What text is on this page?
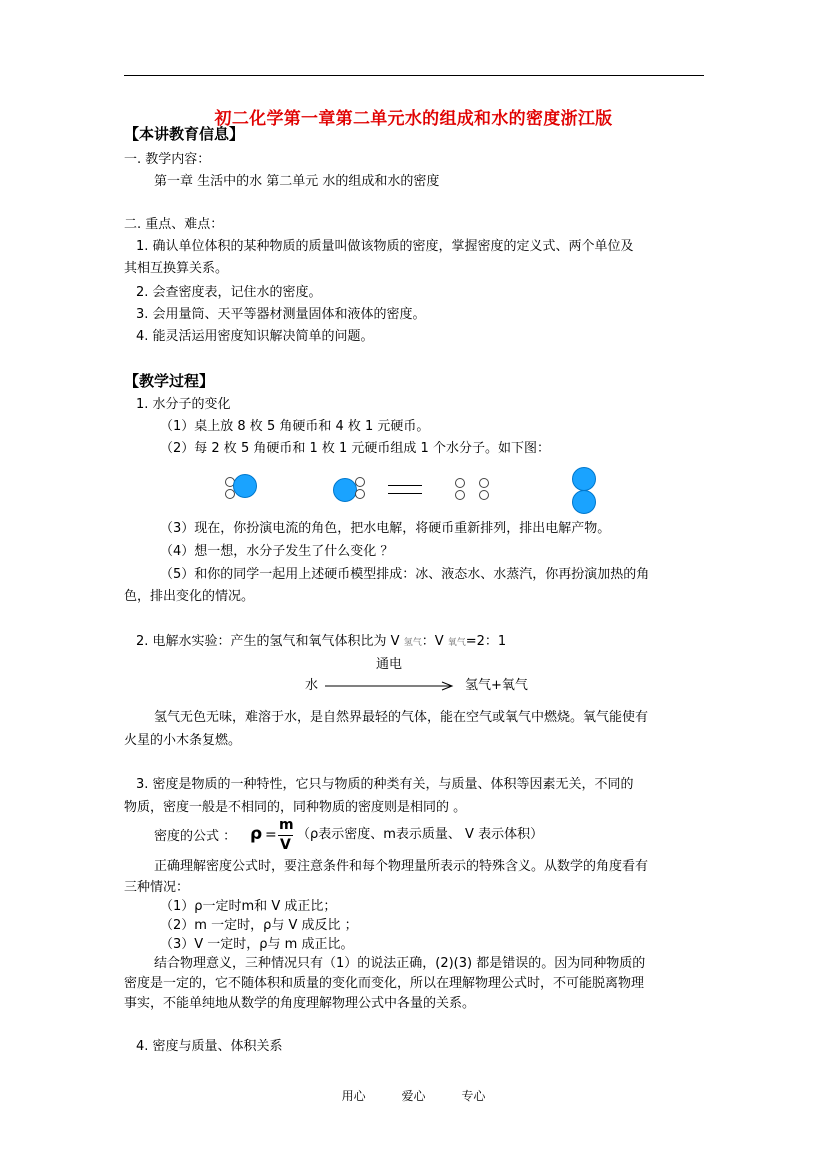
初二化学第一章第二单元水的组成和水的密度浙江版
【本讲教育信息】
一. 教学内容：
第一章 生活中的水 第二单元 水的组成和水的密度
二. 重点、难点：
1. 确认单位体积的某种物质的质量叫做该物质的密度，掌握密度的定义式、两个单位及
其相互换算关系。
2. 会查密度表，记住水的密度。
3. 会用量筒、天平等器材测量固体和液体的密度。
4. 能灵活运用密度知识解决简单的问题。
【教学过程】
1. 水分子的变化
（1）桌上放 8 枚 5 角硬币和 4 枚 1 元硬币。
（2）每 2 枚 5 角硬币和 1 枚 1 元硬币组成 1 个水分子。如下图：
（3）现在，你扮演电流的角色，把水电解，将硬币重新排列，排出电解产物。
（4）想一想，水分子发生了什么变化 ？
（5）和你的同学一起用上述硬币模型排成：冰、液态水、水蒸汽，你再扮演加热的角
色，排出变化的情况。
2. 电解水实验：产生的氢气和氧气体积比为 V 氢气：V 氧气=2：1
通电
水	氢气+氧气
氢气无色无味，难溶于水，是自然界最轻的气体，能在空气或氧气中燃烧。氧气能使有
火星的小木条复燃。
3. 密度是物质的一种特性，它只与物质的种类有关，与质量、体积等因素无关，不同的
物质，密度一般是不相同的，同种物质的密度则是相同的 。
密度的公式 ： ρ =
m
V
（ρ表示密度、m表示质量、 V 表示体积）
正确理解密度公式时，要注意条件和每个物理量所表示的特殊含义。从数学的角度看有
三种情况：
（1）ρ一定时m和 V 成正比；
（2）m 一定时，ρ与 V 成反比 ；
（3）V 一定时，ρ与 m 成正比。
结合物理意义，三种情况只有（1）的说法正确，(2)(3) 都是错误的。因为同种物质的
密度是一定的，它不随体积和质量的变化而变化，所以在理解物理公式时，不可能脱离物理
事实，不能单纯地从数学的角度理解物理公式中各量的关系。
4. 密度与质量、体积关系
用心	爱心	专心
